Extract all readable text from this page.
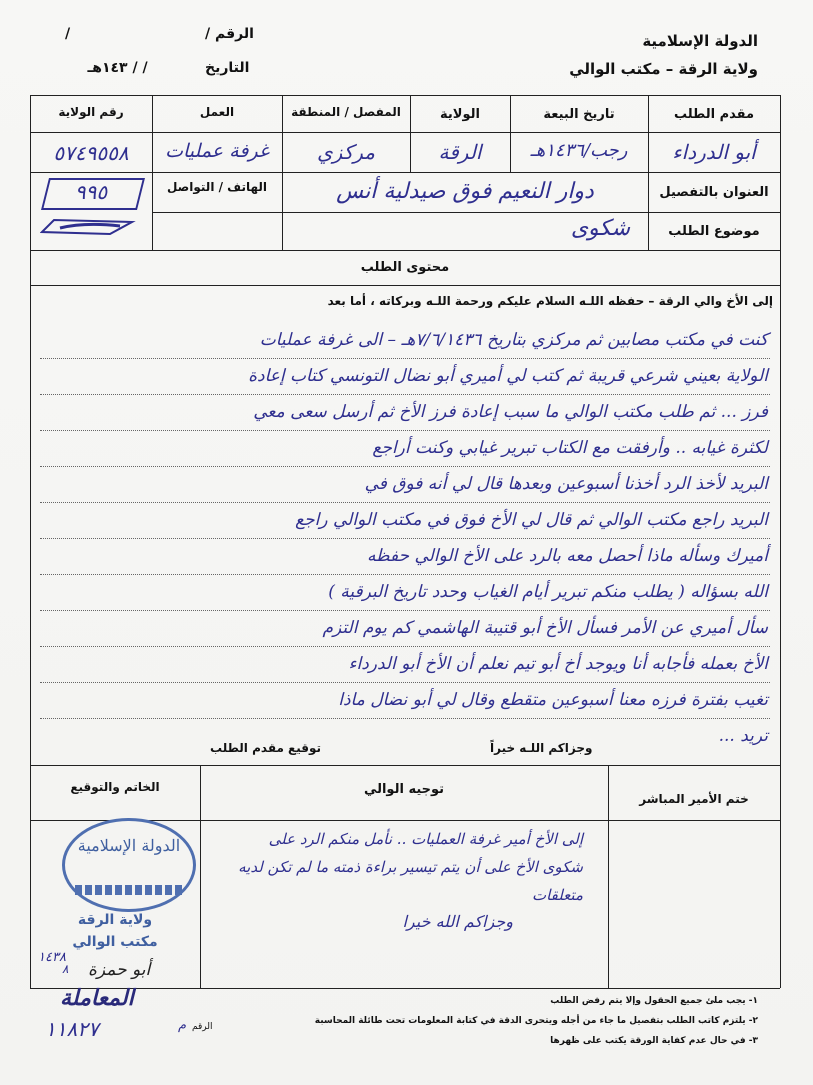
الدولة الإسلامية
ولاية الرقة – مكتب الوالي
الرقم /
/
التاريخ
/ / ١٤٣هـ
مقدم الطلب
تاريخ البيعة
الولاية
المفصل / المنطقة
العمل
رقم الولاية
أبو الدرداء
رجب/١٤٣٦هـ
الرقة
مركزي
غرفة عمليات
٥٧٤٩٥٥٨
العنوان بالتفصيل
دوار النعيم فوق صيدلية أنس
الهاتف / التواصل
٩٩٥
موضوع الطلب
شكوى
محتوى الطلب
إلى الأخ والي الرقة – حفظه اللـه السلام عليكم ورحمة اللـه وبركاته ، أما بعد
كنت في مكتب مصابين ثم مركزي بتاريخ ٧/٦/١٤٣٦هـ – الى غرفة عمليات
الولاية بعيني شرعي قريبة ثم كتب لي أميري أبو نضال التونسي كتاب إعادة
فرز ... ثم طلب مكتب الوالي ما سبب إعادة فرز الأخ ثم أرسل سعى معي
لكثرة غيابه .. وأرفقت مع الكتاب تبرير غيابي وكنت أراجع
البريد لأخذ الرد أخذنا أسبوعين وبعدها قال لي أنه فوق في
البريد راجع مكتب الوالي ثم قال لي الأخ فوق في مكتب الوالي راجع
أميرك وسأله ماذا أحصل معه بالرد على الأخ الوالي حفظه
الله بسؤاله ( يطلب منكم تبرير أيام الغياب وحدد تاريخ البرقية )
سأل أميري عن الأمر فسأل الأخ أبو قتيبة الهاشمي كم يوم التزم
الأخ بعمله فأجابه أنا ويوجد أخ أبو تيم نعلم أن الأخ أبو الدرداء
تغيب بفترة فرزه معنا أسبوعين متقطع وقال لي أبو نضال ماذا
تريد ...
وجزاكم اللـه خيراً
توقيع مقدم الطلب
الخاتم والتوقيع	توجيه الوالي
ختم الأمير المباشر
إلى الأخ أمير غرفة العمليات .. نأمل منكم الرد على
شكوى الأخ على أن يتم تيسير براءة ذمته ما لم تكن لديه
متعلقات
وجزاكم الله خيرا
الدولة الإسلامية
ولاية الرقة
مكتب الوالي
١٤٣٨
٨ أبو حمزة
المعاملة
١١٨٢٧	الرقم
م
١- يجب ملئ جميع الحقول وإلا يتم رفض الطلب
٢- يلتزم كاتب الطلب بتفصيل ما جاء من أجله ويتحرى الدقة في كتابة المعلومات تحت طائلة المحاسبة
٣- في حال عدم كفاية الورقة يكتب على ظهرها
